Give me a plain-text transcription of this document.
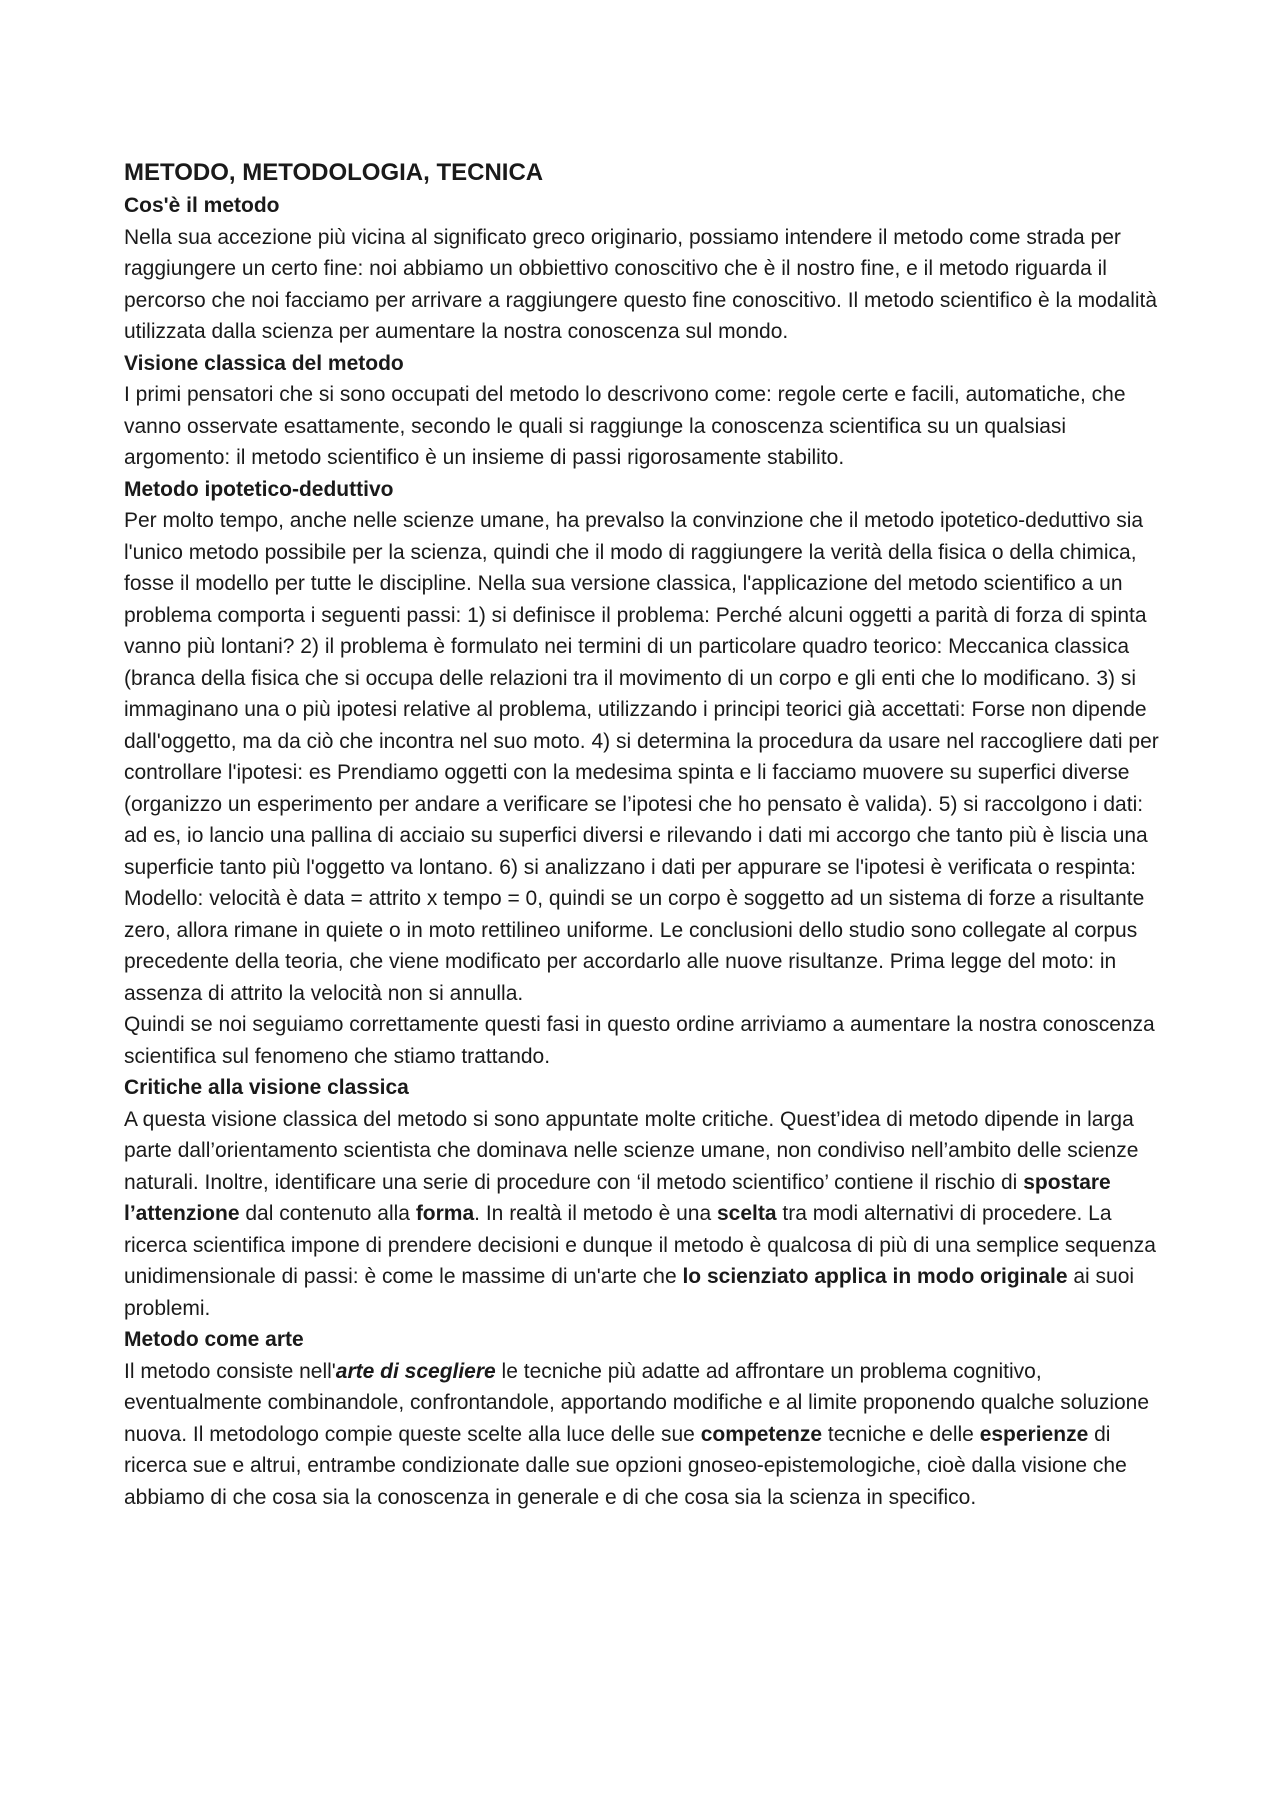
METODO, METODOLOGIA, TECNICA
Cos'è il metodo
Nella sua accezione più vicina al significato greco originario, possiamo intendere il metodo come strada per raggiungere un certo fine: noi abbiamo un obbiettivo conoscitivo che è il nostro fine, e il metodo riguarda il percorso che noi facciamo per arrivare a raggiungere questo fine conoscitivo. Il metodo scientifico è la modalità utilizzata dalla scienza per aumentare la nostra conoscenza sul mondo.
Visione classica del metodo
I primi pensatori che si sono occupati del metodo lo descrivono come: regole certe e facili, automatiche, che vanno osservate esattamente, secondo le quali si raggiunge la conoscenza scientifica su un qualsiasi argomento: il metodo scientifico è un insieme di passi rigorosamente stabilito.
Metodo ipotetico-deduttivo
Per molto tempo, anche nelle scienze umane, ha prevalso la convinzione che il metodo ipotetico-deduttivo sia l'unico metodo possibile per la scienza, quindi che il modo di raggiungere la verità della fisica o della chimica, fosse il modello per tutte le discipline. Nella sua versione classica, l'applicazione del metodo scientifico a un problema comporta i seguenti passi: 1) si definisce il problema: Perché alcuni oggetti a parità di forza di spinta vanno più lontani? 2) il problema è formulato nei termini di un particolare quadro teorico: Meccanica classica (branca della fisica che si occupa delle relazioni tra il movimento di un corpo e gli enti che lo modificano. 3) si immaginano una o più ipotesi relative al problema, utilizzando i principi teorici già accettati: Forse non dipende dall'oggetto, ma da ciò che incontra nel suo moto. 4) si determina la procedura da usare nel raccogliere dati per controllare l'ipotesi: es Prendiamo oggetti con la medesima spinta e li facciamo muovere su superfici diverse (organizzo un esperimento per andare a verificare se l’ipotesi che ho pensato è valida). 5) si raccolgono i dati: ad es, io lancio una pallina di acciaio su superfici diversi e rilevando i dati mi accorgo che tanto più è liscia una superficie tanto più l'oggetto va lontano. 6) si analizzano i dati per appurare se l'ipotesi è verificata o respinta: Modello: velocità è data = attrito x tempo = 0, quindi se un corpo è soggetto ad un sistema di forze a risultante zero, allora rimane in quiete o in moto rettilineo uniforme. Le conclusioni dello studio sono collegate al corpus precedente della teoria, che viene modificato per accordarlo alle nuove risultanze. Prima legge del moto: in assenza di attrito la velocità non si annulla.
Quindi se noi seguiamo correttamente questi fasi in questo ordine arriviamo a aumentare la nostra conoscenza scientifica sul fenomeno che stiamo trattando.
Critiche alla visione classica
A questa visione classica del metodo si sono appuntate molte critiche. Quest’idea di metodo dipende in larga parte dall’orientamento scientista che dominava nelle scienze umane, non condiviso nell’ambito delle scienze naturali. Inoltre, identificare una serie di procedure con ‘il metodo scientifico’ contiene il rischio di spostare l’attenzione dal contenuto alla forma. In realtà il metodo è una scelta tra modi alternativi di procedere. La ricerca scientifica impone di prendere decisioni e dunque il metodo è qualcosa di più di una semplice sequenza unidimensionale di passi: è come le massime di un'arte che lo scienziato applica in modo originale ai suoi problemi.
Metodo come arte
Il metodo consiste nell'arte di scegliere le tecniche più adatte ad affrontare un problema cognitivo, eventualmente combinandole, confrontandole, apportando modifiche e al limite proponendo qualche soluzione nuova. Il metodologo compie queste scelte alla luce delle sue competenze tecniche e delle esperienze di ricerca sue e altrui, entrambe condizionate dalle sue opzioni gnoseo-epistemologiche, cioè dalla visione che abbiamo di che cosa sia la conoscenza in generale e di che cosa sia la scienza in specifico.
